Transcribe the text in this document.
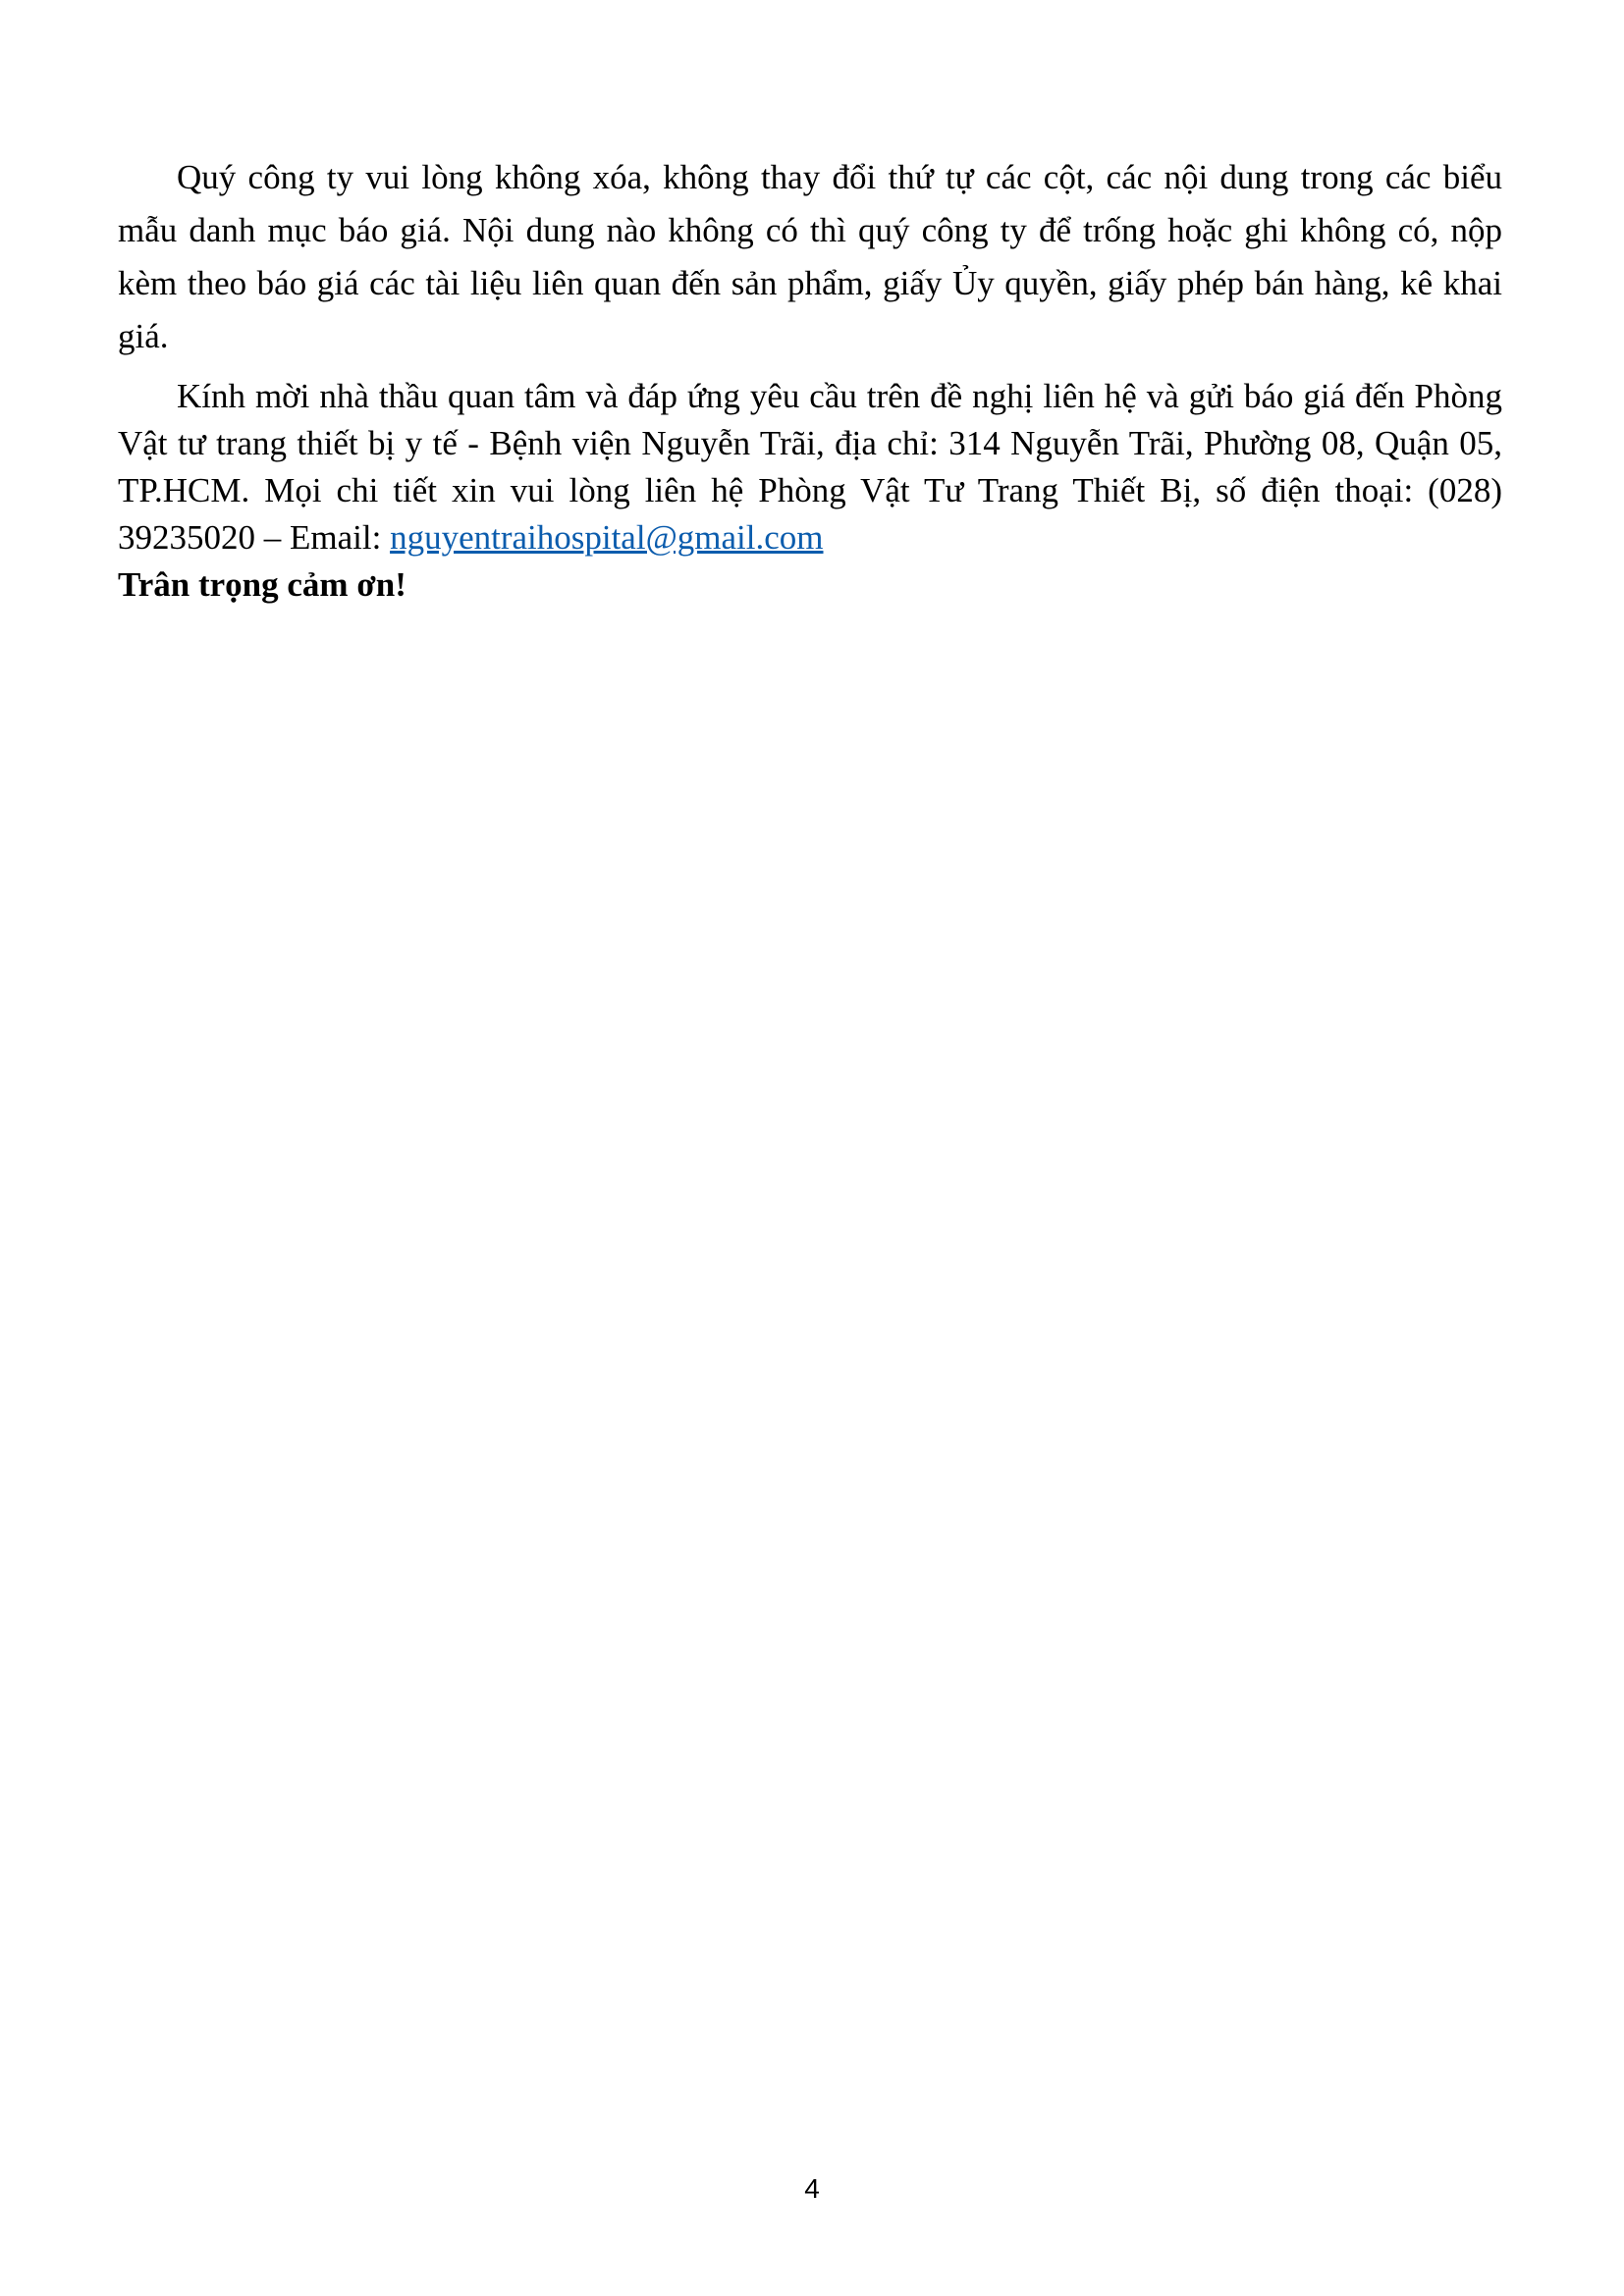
Quý công ty vui lòng không xóa, không thay đổi thứ tự các cột, các nội dung trong các biểu mẫu danh mục báo giá. Nội dung nào không có thì quý công ty để trống hoặc ghi không có, nộp kèm theo báo giá các tài liệu liên quan đến sản phẩm, giấy Ủy quyền, giấy phép bán hàng, kê khai giá.

Kính mời nhà thầu quan tâm và đáp ứng yêu cầu trên đề nghị liên hệ và gửi báo giá đến Phòng Vật tư trang thiết bị y tế - Bệnh viện Nguyễn Trãi, địa chỉ: 314 Nguyễn Trãi, Phường 08, Quận 05, TP.HCM. Mọi chi tiết xin vui lòng liên hệ Phòng Vật Tư Trang Thiết Bị, số điện thoại: (028) 39235020 – Email: nguyentraihospital@gmail.com

Trân trọng cảm ơn!

4
